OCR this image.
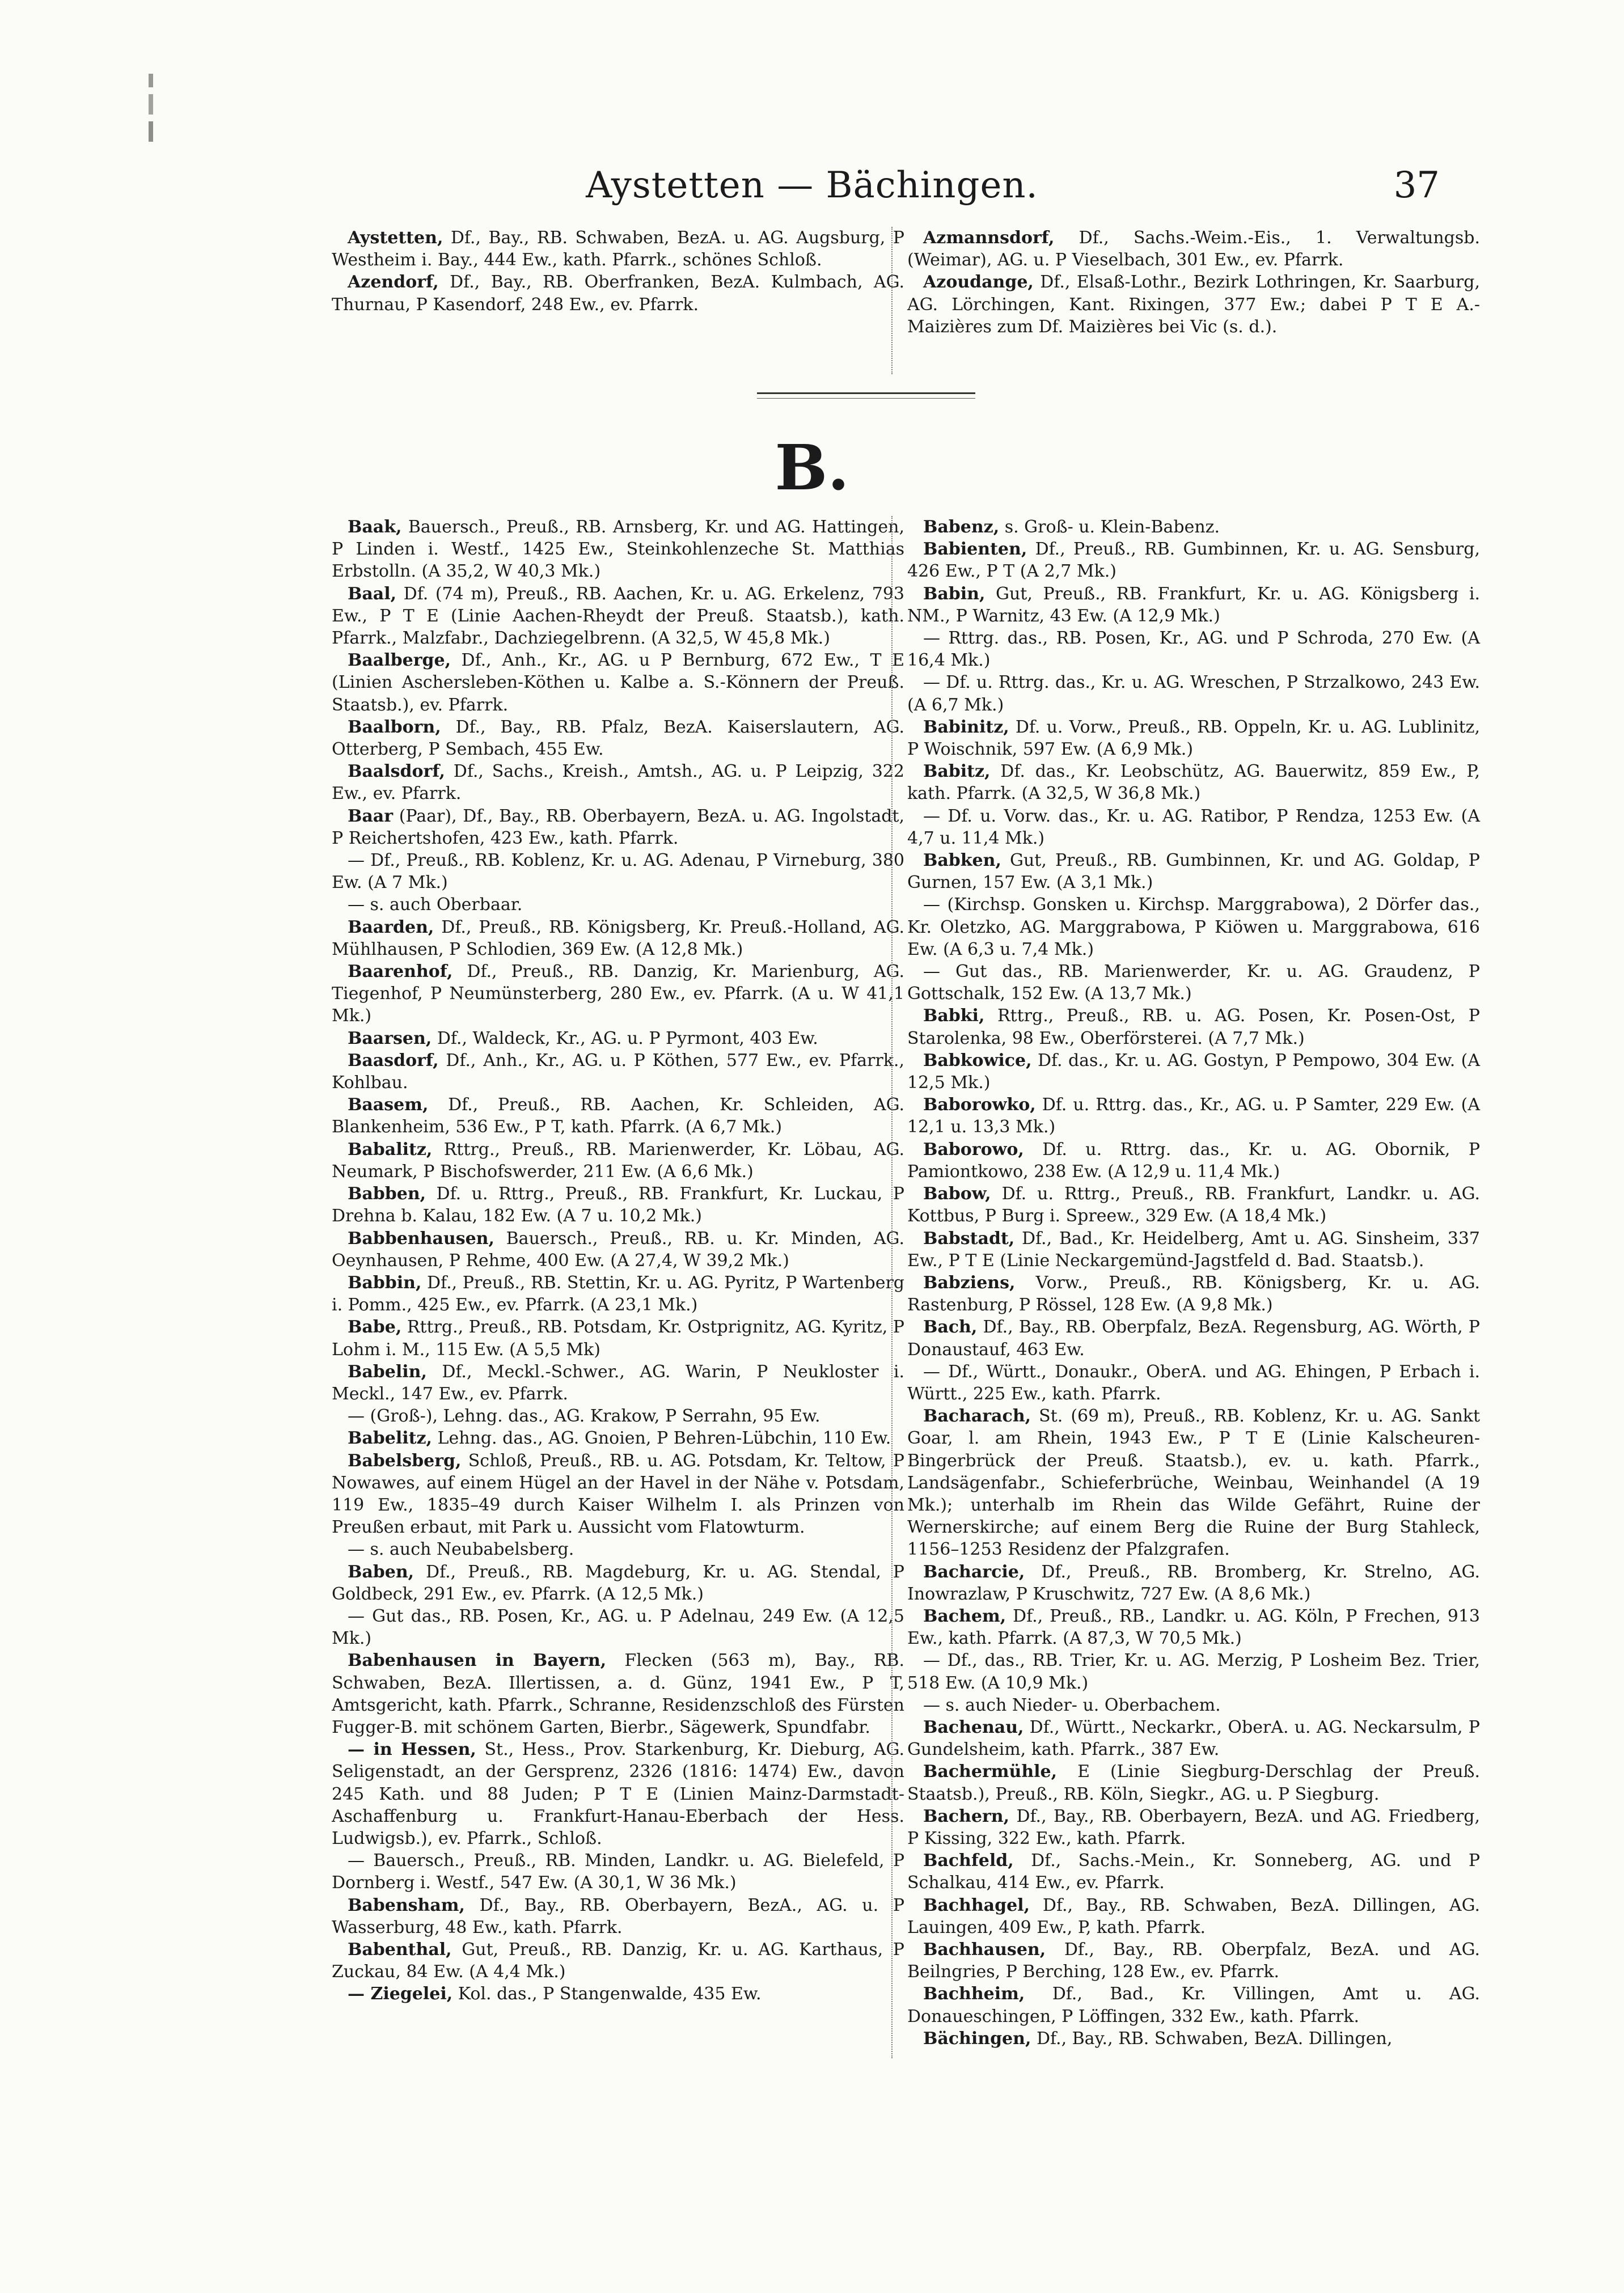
Aystetten — Bächingen.	37

Aystetten, Df., Bay., RB. Schwaben, BezA. u. AG. Augsburg, P Westheim i. Bay., 444 Ew., kath. Pfarrk., schönes Schloß.

Azendorf, Df., Bay., RB. Oberfranken, BezA. Kulmbach, AG. Thurnau, P Kasendorf, 248 Ew., ev. Pfarrk.

Azmannsdorf, Df., Sachs.-Weim.-Eis., 1. Verwaltungsb. (Weimar), AG. u. P Vieselbach, 301 Ew., ev. Pfarrk.

Azoudange, Df., Elsaß-Lothr., Bezirk Lothringen, Kr. Saarburg, AG. Lörchingen, Kant. Rixingen, 377 Ew.; dabei P T E A.-Maizières zum Df. Maizières bei Vic (s. d.).

B.

Baak, Bauersch., Preuß., RB. Arnsberg, Kr. und AG. Hattingen, P Linden i. Westf., 1425 Ew., Steinkohlenzeche St. Matthias Erbstolln. (A 35,2, W 40,3 Mk.)

Baal, Df. (74 m), Preuß., RB. Aachen, Kr. u. AG. Erkelenz, 793 Ew., P T E (Linie Aachen-Rheydt der Preuß. Staatsb.), kath. Pfarrk., Malzfabr., Dachziegelbrenn. (A 32,5, W 45,8 Mk.)

Baalberge, Df., Anh., Kr., AG. u P Bernburg, 672 Ew., T E (Linien Aschersleben-Köthen u. Kalbe a. S.-Könnern der Preuß. Staatsb.), ev. Pfarrk.

Baalborn, Df., Bay., RB. Pfalz, BezA. Kaiserslautern, AG. Otterberg, P Sembach, 455 Ew.

Baalsdorf, Df., Sachs., Kreish., Amtsh., AG. u. P Leipzig, 322 Ew., ev. Pfarrk.

Baar (Paar), Df., Bay., RB. Oberbayern, BezA. u. AG. Ingolstadt, P Reichertshofen, 423 Ew., kath. Pfarrk.

— Df., Preuß., RB. Koblenz, Kr. u. AG. Adenau, P Virneburg, 380 Ew. (A 7 Mk.)

— s. auch Oberbaar.

Baarden, Df., Preuß., RB. Königsberg, Kr. Preuß.-Holland, AG. Mühlhausen, P Schlodien, 369 Ew. (A 12,8 Mk.)

Baarenhof, Df., Preuß., RB. Danzig, Kr. Marienburg, AG. Tiegenhof, P Neumünsterberg, 280 Ew., ev. Pfarrk. (A u. W 41,1 Mk.)

Baarsen, Df., Waldeck, Kr., AG. u. P Pyrmont, 403 Ew.

Baasdorf, Df., Anh., Kr., AG. u. P Köthen, 577 Ew., ev. Pfarrk., Kohlbau.

Baasem, Df., Preuß., RB. Aachen, Kr. Schleiden, AG. Blankenheim, 536 Ew., P T, kath. Pfarrk. (A 6,7 Mk.)

Babalitz, Rttrg., Preuß., RB. Marienwerder, Kr. Löbau, AG. Neumark, P Bischofswerder, 211 Ew. (A 6,6 Mk.)

Babben, Df. u. Rttrg., Preuß., RB. Frankfurt, Kr. Luckau, P Drehna b. Kalau, 182 Ew. (A 7 u. 10,2 Mk.)

Babbenhausen, Bauersch., Preuß., RB. u. Kr. Minden, AG. Oeynhausen, P Rehme, 400 Ew. (A 27,4, W 39,2 Mk.)

Babbin, Df., Preuß., RB. Stettin, Kr. u. AG. Pyritz, P Wartenberg i. Pomm., 425 Ew., ev. Pfarrk. (A 23,1 Mk.)

Babe, Rttrg., Preuß., RB. Potsdam, Kr. Ostprignitz, AG. Kyritz, P Lohm i. M., 115 Ew. (A 5,5 Mk)

Babelin, Df., Meckl.-Schwer., AG. Warin, P Neukloster i. Meckl., 147 Ew., ev. Pfarrk.

— (Groß-), Lehng. das., AG. Krakow, P Serrahn, 95 Ew.

Babelitz, Lehng. das., AG. Gnoien, P Behren-Lübchin, 110 Ew.

Babelsberg, Schloß, Preuß., RB. u. AG. Potsdam, Kr. Teltow, P Nowawes, auf einem Hügel an der Havel in der Nähe v. Potsdam, 119 Ew., 1835–49 durch Kaiser Wilhelm I. als Prinzen von Preußen erbaut, mit Park u. Aussicht vom Flatowturm.

— s. auch Neubabelsberg.

Baben, Df., Preuß., RB. Magdeburg, Kr. u. AG. Stendal, P Goldbeck, 291 Ew., ev. Pfarrk. (A 12,5 Mk.)

— Gut das., RB. Posen, Kr., AG. u. P Adelnau, 249 Ew. (A 12,5 Mk.)

Babenhausen in Bayern, Flecken (563 m), Bay., RB. Schwaben, BezA. Illertissen, a. d. Günz, 1941 Ew., P T, Amtsgericht, kath. Pfarrk., Schranne, Residenzschloß des Fürsten Fugger-B. mit schönem Garten, Bierbr., Sägewerk, Spundfabr.

— in Hessen, St., Hess., Prov. Starkenburg, Kr. Dieburg, AG. Seligenstadt, an der Gersprenz, 2326 (1816: 1474) Ew., davon 245 Kath. und 88 Juden; P T E (Linien Mainz-Darmstadt-Aschaffenburg u. Frankfurt-Hanau-Eberbach der Hess. Ludwigsb.), ev. Pfarrk., Schloß.

— Bauersch., Preuß., RB. Minden, Landkr. u. AG. Bielefeld, P Dornberg i. Westf., 547 Ew. (A 30,1, W 36 Mk.)

Babensham, Df., Bay., RB. Oberbayern, BezA., AG. u. P Wasserburg, 48 Ew., kath. Pfarrk.

Babenthal, Gut, Preuß., RB. Danzig, Kr. u. AG. Karthaus, P Zuckau, 84 Ew. (A 4,4 Mk.)

— Ziegelei, Kol. das., P Stangenwalde, 435 Ew.

Babenz, s. Groß- u. Klein-Babenz.

Babienten, Df., Preuß., RB. Gumbinnen, Kr. u. AG. Sensburg, 426 Ew., P T (A 2,7 Mk.)

Babin, Gut, Preuß., RB. Frankfurt, Kr. u. AG. Königsberg i. NM., P Warnitz, 43 Ew. (A 12,9 Mk.)

— Rttrg. das., RB. Posen, Kr., AG. und P Schroda, 270 Ew. (A 16,4 Mk.)

— Df. u. Rttrg. das., Kr. u. AG. Wreschen, P Strzalkowo, 243 Ew. (A 6,7 Mk.)

Babinitz, Df. u. Vorw., Preuß., RB. Oppeln, Kr. u. AG. Lublinitz, P Woischnik, 597 Ew. (A 6,9 Mk.)

Babitz, Df. das., Kr. Leobschütz, AG. Bauerwitz, 859 Ew., P, kath. Pfarrk. (A 32,5, W 36,8 Mk.)

— Df. u. Vorw. das., Kr. u. AG. Ratibor, P Rendza, 1253 Ew. (A 4,7 u. 11,4 Mk.)

Babken, Gut, Preuß., RB. Gumbinnen, Kr. und AG. Goldap, P Gurnen, 157 Ew. (A 3,1 Mk.)

— (Kirchsp. Gonsken u. Kirchsp. Marggrabowa), 2 Dörfer das., Kr. Oletzko, AG. Marggrabowa, P Kiöwen u. Marggrabowa, 616 Ew. (A 6,3 u. 7,4 Mk.)

— Gut das., RB. Marienwerder, Kr. u. AG. Graudenz, P Gottschalk, 152 Ew. (A 13,7 Mk.)

Babki, Rttrg., Preuß., RB. u. AG. Posen, Kr. Posen-Ost, P Starolenka, 98 Ew., Oberförsterei. (A 7,7 Mk.)

Babkowice, Df. das., Kr. u. AG. Gostyn, P Pempowo, 304 Ew. (A 12,5 Mk.)

Baborowko, Df. u. Rttrg. das., Kr., AG. u. P Samter, 229 Ew. (A 12,1 u. 13,3 Mk.)

Baborowo, Df. u. Rttrg. das., Kr. u. AG. Obornik, P Pamiontkowo, 238 Ew. (A 12,9 u. 11,4 Mk.)

Babow, Df. u. Rttrg., Preuß., RB. Frankfurt, Landkr. u. AG. Kottbus, P Burg i. Spreew., 329 Ew. (A 18,4 Mk.)

Babstadt, Df., Bad., Kr. Heidelberg, Amt u. AG. Sinsheim, 337 Ew., P T E (Linie Neckargemünd-Jagstfeld d. Bad. Staatsb.).

Babziens, Vorw., Preuß., RB. Königsberg, Kr. u. AG. Rastenburg, P Rössel, 128 Ew. (A 9,8 Mk.)

Bach, Df., Bay., RB. Oberpfalz, BezA. Regensburg, AG. Wörth, P Donaustauf, 463 Ew.

— Df., Württ., Donaukr., OberA. und AG. Ehingen, P Erbach i. Württ., 225 Ew., kath. Pfarrk.

Bacharach, St. (69 m), Preuß., RB. Koblenz, Kr. u. AG. Sankt Goar, l. am Rhein, 1943 Ew., P T E (Linie Kalscheuren-Bingerbrück der Preuß. Staatsb.), ev. u. kath. Pfarrk., Landsägenfabr., Schieferbrüche, Weinbau, Weinhandel (A 19 Mk.); unterhalb im Rhein das Wilde Gefährt, Ruine der Wernerskirche; auf einem Berg die Ruine der Burg Stahleck, 1156–1253 Residenz der Pfalzgrafen.

Bacharcie, Df., Preuß., RB. Bromberg, Kr. Strelno, AG. Inowrazlaw, P Kruschwitz, 727 Ew. (A 8,6 Mk.)

Bachem, Df., Preuß., RB., Landkr. u. AG. Köln, P Frechen, 913 Ew., kath. Pfarrk. (A 87,3, W 70,5 Mk.)

— Df., das., RB. Trier, Kr. u. AG. Merzig, P Losheim Bez. Trier, 518 Ew. (A 10,9 Mk.)

— s. auch Nieder- u. Oberbachem.

Bachenau, Df., Württ., Neckarkr., OberA. u. AG. Neckarsulm, P Gundelsheim, kath. Pfarrk., 387 Ew.

Bachermühle, E (Linie Siegburg-Derschlag der Preuß. Staatsb.), Preuß., RB. Köln, Siegkr., AG. u. P Siegburg.

Bachern, Df., Bay., RB. Oberbayern, BezA. und AG. Friedberg, P Kissing, 322 Ew., kath. Pfarrk.

Bachfeld, Df., Sachs.-Mein., Kr. Sonneberg, AG. und P Schalkau, 414 Ew., ev. Pfarrk.

Bachhagel, Df., Bay., RB. Schwaben, BezA. Dillingen, AG. Lauingen, 409 Ew., P, kath. Pfarrk.

Bachhausen, Df., Bay., RB. Oberpfalz, BezA. und AG. Beilngries, P Berching, 128 Ew., ev. Pfarrk.

Bachheim, Df., Bad., Kr. Villingen, Amt u. AG. Donaueschingen, P Löffingen, 332 Ew., kath. Pfarrk.

Bächingen, Df., Bay., RB. Schwaben, BezA. Dillingen,
